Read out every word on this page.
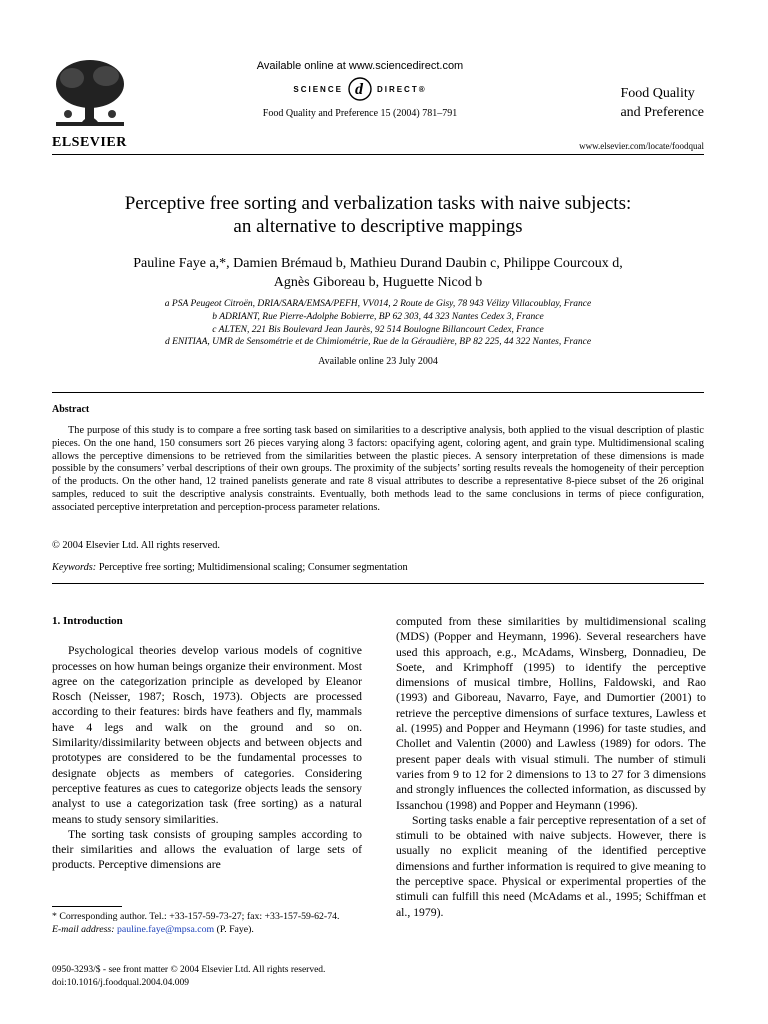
ELSEVIER
Available online at www.sciencedirect.com
SCIENCE d DIRECT®
Food Quality and Preference 15 (2004) 781–791
Food Quality
and Preference
www.elsevier.com/locate/foodqual
Perceptive free sorting and verbalization tasks with naive subjects:
an alternative to descriptive mappings
Pauline Faye a,*, Damien Brémaud b, Mathieu Durand Daubin c, Philippe Courcoux d,
Agnès Giboreau b, Huguette Nicod b
a PSA Peugeot Citroën, DRIA/SARA/EMSA/PEFH, VV014, 2 Route de Gisy, 78 943 Vélizy Villacoublay, France
b ADRIANT, Rue Pierre-Adolphe Bobierre, BP 62 303, 44 323 Nantes Cedex 3, France
c ALTEN, 221 Bis Boulevard Jean Jaurès, 92 514 Boulogne Billancourt Cedex, France
d ENITIAA, UMR de Sensométrie et de Chimiométrie, Rue de la Géraudière, BP 82 225, 44 322 Nantes, France
Available online 23 July 2004
Abstract
The purpose of this study is to compare a free sorting task based on similarities to a descriptive analysis, both applied to the visual description of plastic pieces. On the one hand, 150 consumers sort 26 pieces varying along 3 factors: opacifying agent, coloring agent, and grain type. Multidimensional scaling allows the perceptive dimensions to be retrieved from the similarities between the plastic pieces. A sensory interpretation of these dimensions is made possible by the consumers’ verbal descriptions of their own groups. The proximity of the subjects’ sorting results reveals the homogeneity of their perception of the products. On the other hand, 12 trained panelists generate and rate 8 visual attributes to describe a representative 8-piece subset of the 26 original samples, reduced to suit the descriptive analysis constraints. Eventually, both methods lead to the same conclusions in terms of piece configuration, associated perceptive interpretation and perception-process parameter relations.
© 2004 Elsevier Ltd. All rights reserved.
Keywords: Perceptive free sorting; Multidimensional scaling; Consumer segmentation
1. Introduction

Psychological theories develop various models of cognitive processes on how human beings organize their environment. Most agree on the categorization principle as developed by Eleanor Rosch (Neisser, 1987; Rosch, 1973). Objects are processed according to their features: birds have feathers and fly, mammals have 4 legs and walk on the ground and so on. Similarity/dissimilarity between objects and between objects and prototypes are considered to be the fundamental processes to designate objects as members of categories. Considering perceptive features as cues to categorize objects leads the sensory analyst to use a categorization task (free sorting) as a natural means to study sensory similarities.

The sorting task consists of grouping samples according to their similarities and allows the evaluation of large sets of products. Perceptive dimensions are

computed from these similarities by multidimensional scaling (MDS) (Popper and Heymann, 1996). Several researchers have used this approach, e.g., McAdams, Winsberg, Donnadieu, De Soete, and Krimphoff (1995) to identify the perceptive dimensions of musical timbre, Hollins, Faldowski, and Rao (1993) and Giboreau, Navarro, Faye, and Dumortier (2001) to retrieve the perceptive dimensions of surface textures, Lawless et al. (1995) and Popper and Heymann (1996) for taste studies, and Chollet and Valentin (2000) and Lawless (1989) for odors. The present paper deals with visual stimuli. The number of stimuli varies from 9 to 12 for 2 dimensions to 13 to 27 for 3 dimensions and strongly influences the collected information, as discussed by Issanchou (1998) and Popper and Heymann (1996).

Sorting tasks enable a fair perceptive representation of a set of stimuli to be obtained with naive subjects. However, there is usually no explicit meaning of the identified perceptive dimensions and further information is required to give meaning to the perceptive space. Physical or experimental properties of the stimuli can fulfill this need (McAdams et al., 1995; Schiffman et al., 1979).

* Corresponding author. Tel.: +33-157-59-73-27; fax: +33-157-59-62-74.
E-mail address: pauline.faye@mpsa.com (P. Faye).
0950-3293/$ - see front matter © 2004 Elsevier Ltd. All rights reserved.
doi:10.1016/j.foodqual.2004.04.009
